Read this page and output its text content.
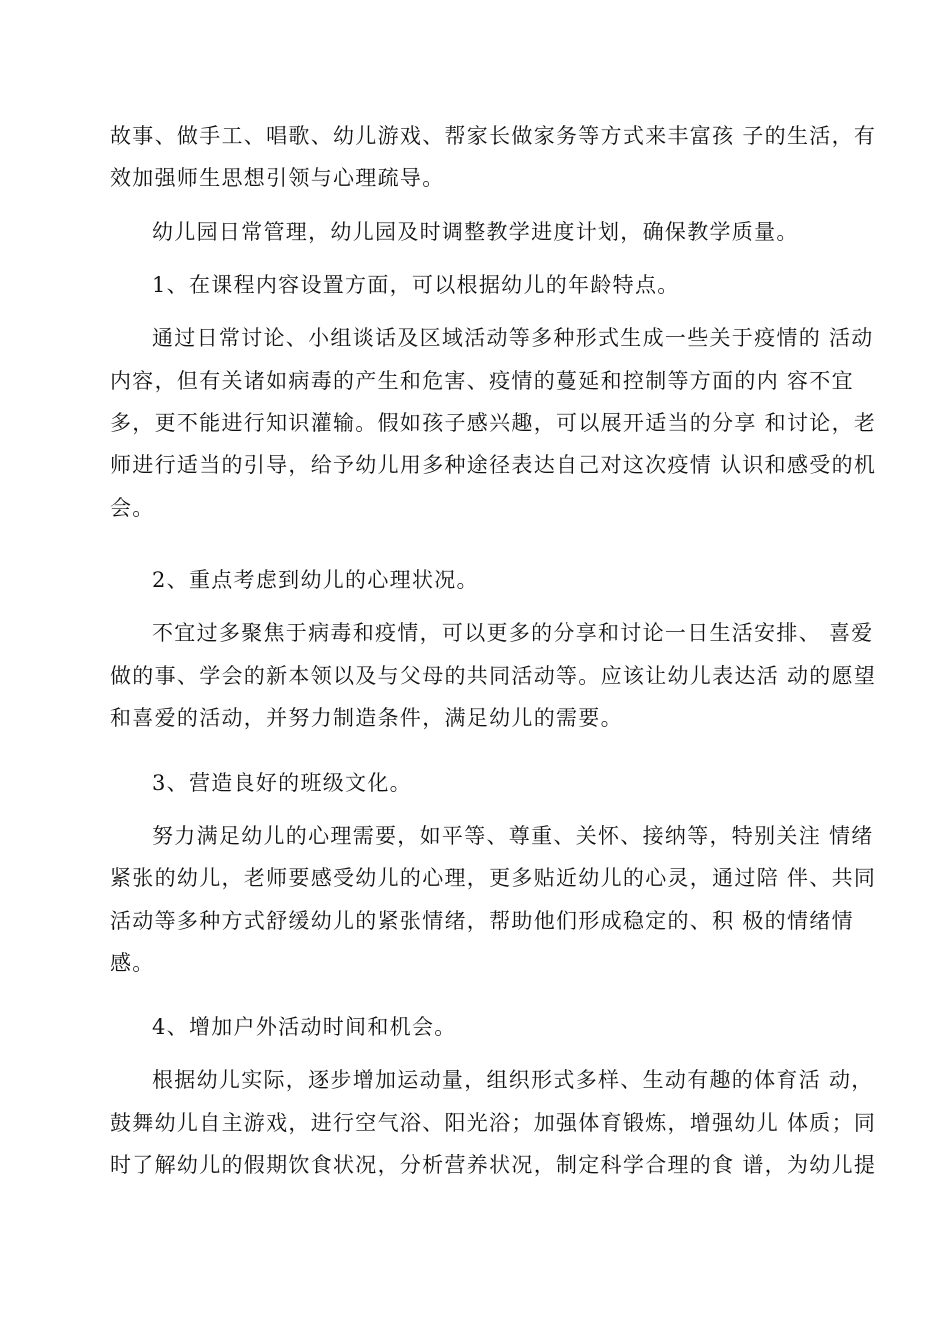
故事、做手工、唱歌、幼儿游戏、帮家长做家务等方式来丰富孩 子的生活，有
效加强师生思想引领与心理疏导。
幼儿园日常管理，幼儿园及时调整教学进度计划，确保教学质量。
1、在课程内容设置方面，可以根据幼儿的年龄特点。
通过日常讨论、小组谈话及区域活动等多种形式生成一些关于疫情的 活动
内容，但有关诸如病毒的产生和危害、疫情的蔓延和控制等方面的内 容不宜
多，更不能进行知识灌输。假如孩子感兴趣，可以展开适当的分享 和讨论，老
师进行适当的引导，给予幼儿用多种途径表达自己对这次疫情 认识和感受的机
会。
2、重点考虑到幼儿的心理状况。
不宜过多聚焦于病毒和疫情，可以更多的分享和讨论一日生活安排、 喜爱
做的事、学会的新本领以及与父母的共同活动等。应该让幼儿表达活 动的愿望
和喜爱的活动，并努力制造条件，满足幼儿的需要。
3、营造良好的班级文化。
努力满足幼儿的心理需要，如平等、尊重、关怀、接纳等，特别关注 情绪
紧张的幼儿，老师要感受幼儿的心理，更多贴近幼儿的心灵，通过陪 伴、共同
活动等多种方式舒缓幼儿的紧张情绪，帮助他们形成稳定的、积 极的情绪情
感。
4、增加户外活动时间和机会。
根据幼儿实际，逐步增加运动量，组织形式多样、生动有趣的体育活 动，
鼓舞幼儿自主游戏，进行空气浴、阳光浴；加强体育锻炼，增强幼儿 体质；同
时了解幼儿的假期饮食状况，分析营养状况，制定科学合理的食 谱，为幼儿提
